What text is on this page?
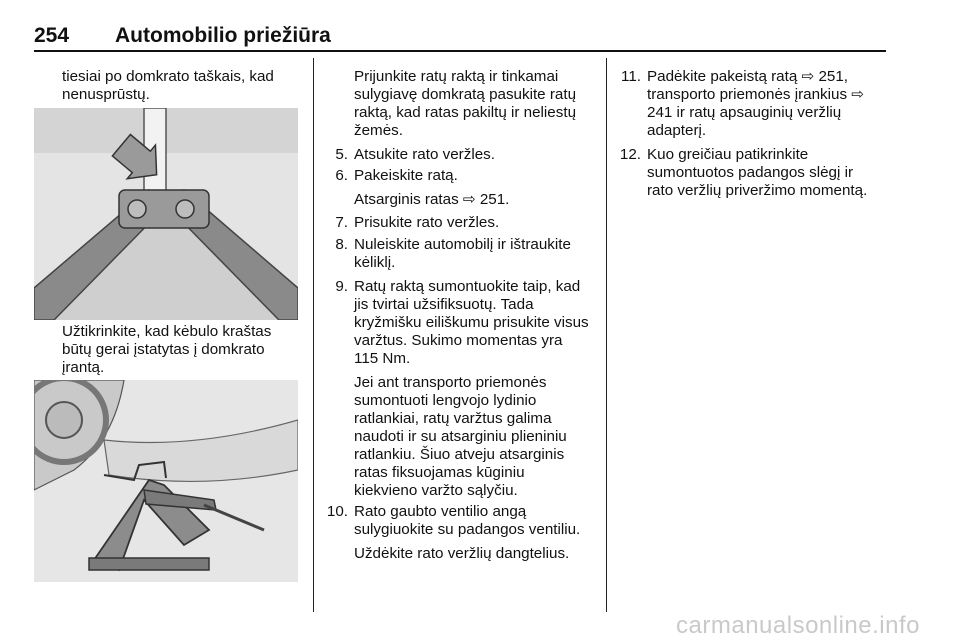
254 Automobilio priežiūra
tiesiai po domkrato taškais, kad nenusprūstų.
Užtikrinkite, kad kėbulo kraštas būtų gerai įstatytas į domkrato įrantą.
Prijunkite ratų raktą ir tinkamai sulygiavę domkratą pasukite ratų raktą, kad ratas pakiltų ir neliestų žemės.
5. Atsukite rato veržles.

6. Pakeiskite ratą.

Atsarginis ratas ⇨ 251.

7. Prisukite rato veržles.

8. Nuleiskite automobilį ir ištraukite kėliklį.

9. Ratų raktą sumontuokite taip, kad jis tvirtai užsifiksuotų. Tada kryžmišku eiliškumu prisukite visus varžtus. Sukimo momentas yra 115 Nm.

Jei ant transporto priemonės sumontuoti lengvojo lydinio ratlankiai, ratų varžtus galima naudoti ir su atsarginiu plieniniu ratlankiu. Šiuo atveju atsarginis ratas fiksuojamas kūginiu kiekvieno varžto sąlyčiu.

10. Rato gaubto ventilio angą sulygiuokite su padangos ventiliu.

Uždėkite rato veržlių dangtelius.

11. Padėkite pakeistą ratą ⇨ 251, transporto priemonės įrankius ⇨ 241 ir ratų apsauginių veržlių adapterį.

12. Kuo greičiau patikrinkite sumontuotos padangos slėgį ir rato veržlių priveržimo momentą.

carmanualsonline.info
